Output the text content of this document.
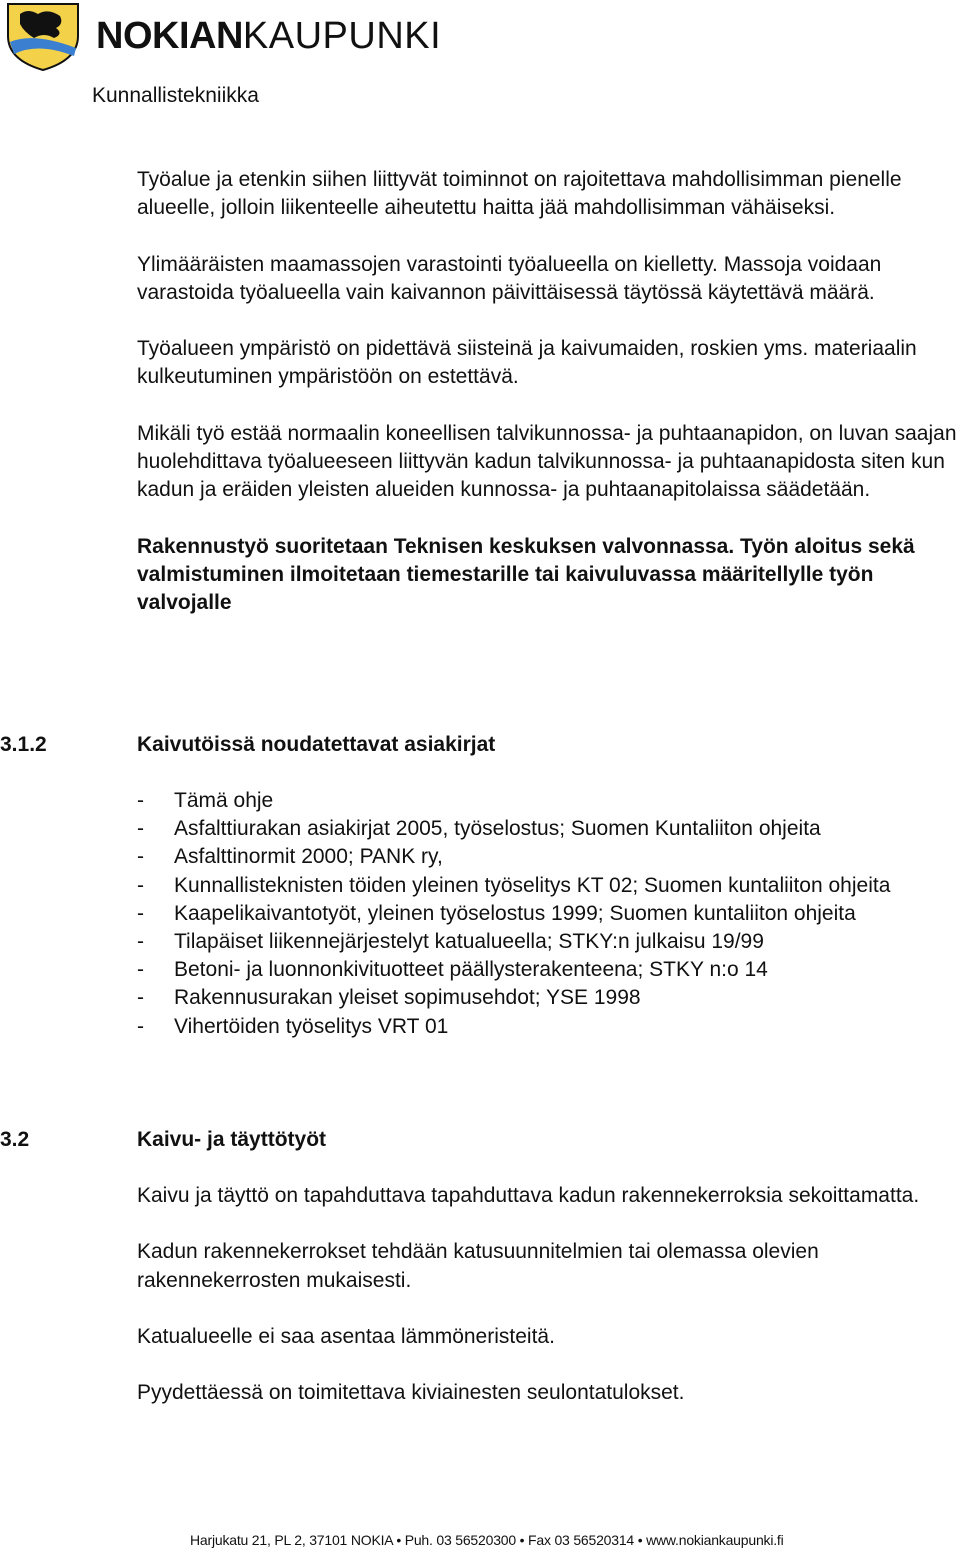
NOKIANKAUPUNKI
Kunnallistekniikka

Työalue ja etenkin siihen liittyvät toiminnot on rajoitettava mahdollisimman pienelle alueelle, jolloin liikenteelle aiheutettu haitta jää mahdollisimman vähäiseksi.

Ylimääräisten maamassojen varastointi työalueella on kielletty. Massoja voidaan varastoida työalueella vain kaivannon päivittäisessä täytössä käytettävä määrä.

Työalueen ympäristö on pidettävä siisteinä ja kaivumaiden, roskien yms. materiaalin kulkeutuminen ympäristöön on estettävä.

Mikäli työ estää normaalin koneellisen talvikunnossa- ja puhtaanapidon, on luvan saajan huolehdittava työalueeseen liittyvän kadun talvikunnossa- ja puhtaanapidosta siten kun kadun ja eräiden yleisten alueiden kunnossa- ja puhtaanapitolaissa säädetään.

Rakennustyö suoritetaan Teknisen keskuksen valvonnassa. Työn aloitus sekä valmistuminen ilmoitetaan tiemestarille tai kaivuluvassa määritellylle työn valvojalle

3.1.2	Kaivutöissä noudatettavat asiakirjat
- Tämä ohje
- Asfalttiurakan asiakirjat 2005, työselostus; Suomen Kuntaliiton ohjeita
- Asfalttinormit 2000; PANK ry,
- Kunnallisteknisten töiden yleinen työselitys KT 02; Suomen kuntaliiton ohjeita
- Kaapelikaivantotyöt, yleinen työselostus 1999; Suomen kuntaliiton ohjeita
- Tilapäiset liikennejärjestelyt katualueella; STKY:n julkaisu 19/99
- Betoni- ja luonnonkivituotteet päällysterakenteena; STKY n:o 14
- Rakennusurakan yleiset sopimusehdot; YSE 1998
- Vihertöiden työselitys VRT 01
3.2	Kaivu- ja täyttötyöt

Kaivu ja täyttö on tapahduttava tapahduttava kadun rakennekerroksia sekoittamatta.

Kadun rakennekerrokset tehdään katusuunnitelmien tai olemassa olevien rakennekerrosten mukaisesti.

Katualueelle ei saa asentaa lämmöneristeitä.

Pyydettäessä on toimitettava kiviainesten seulontatulokset.

Harjukatu 21, PL 2, 37101 NOKIA • Puh. 03 56520300 • Fax 03 56520314 • www.nokiankaupunki.fi
